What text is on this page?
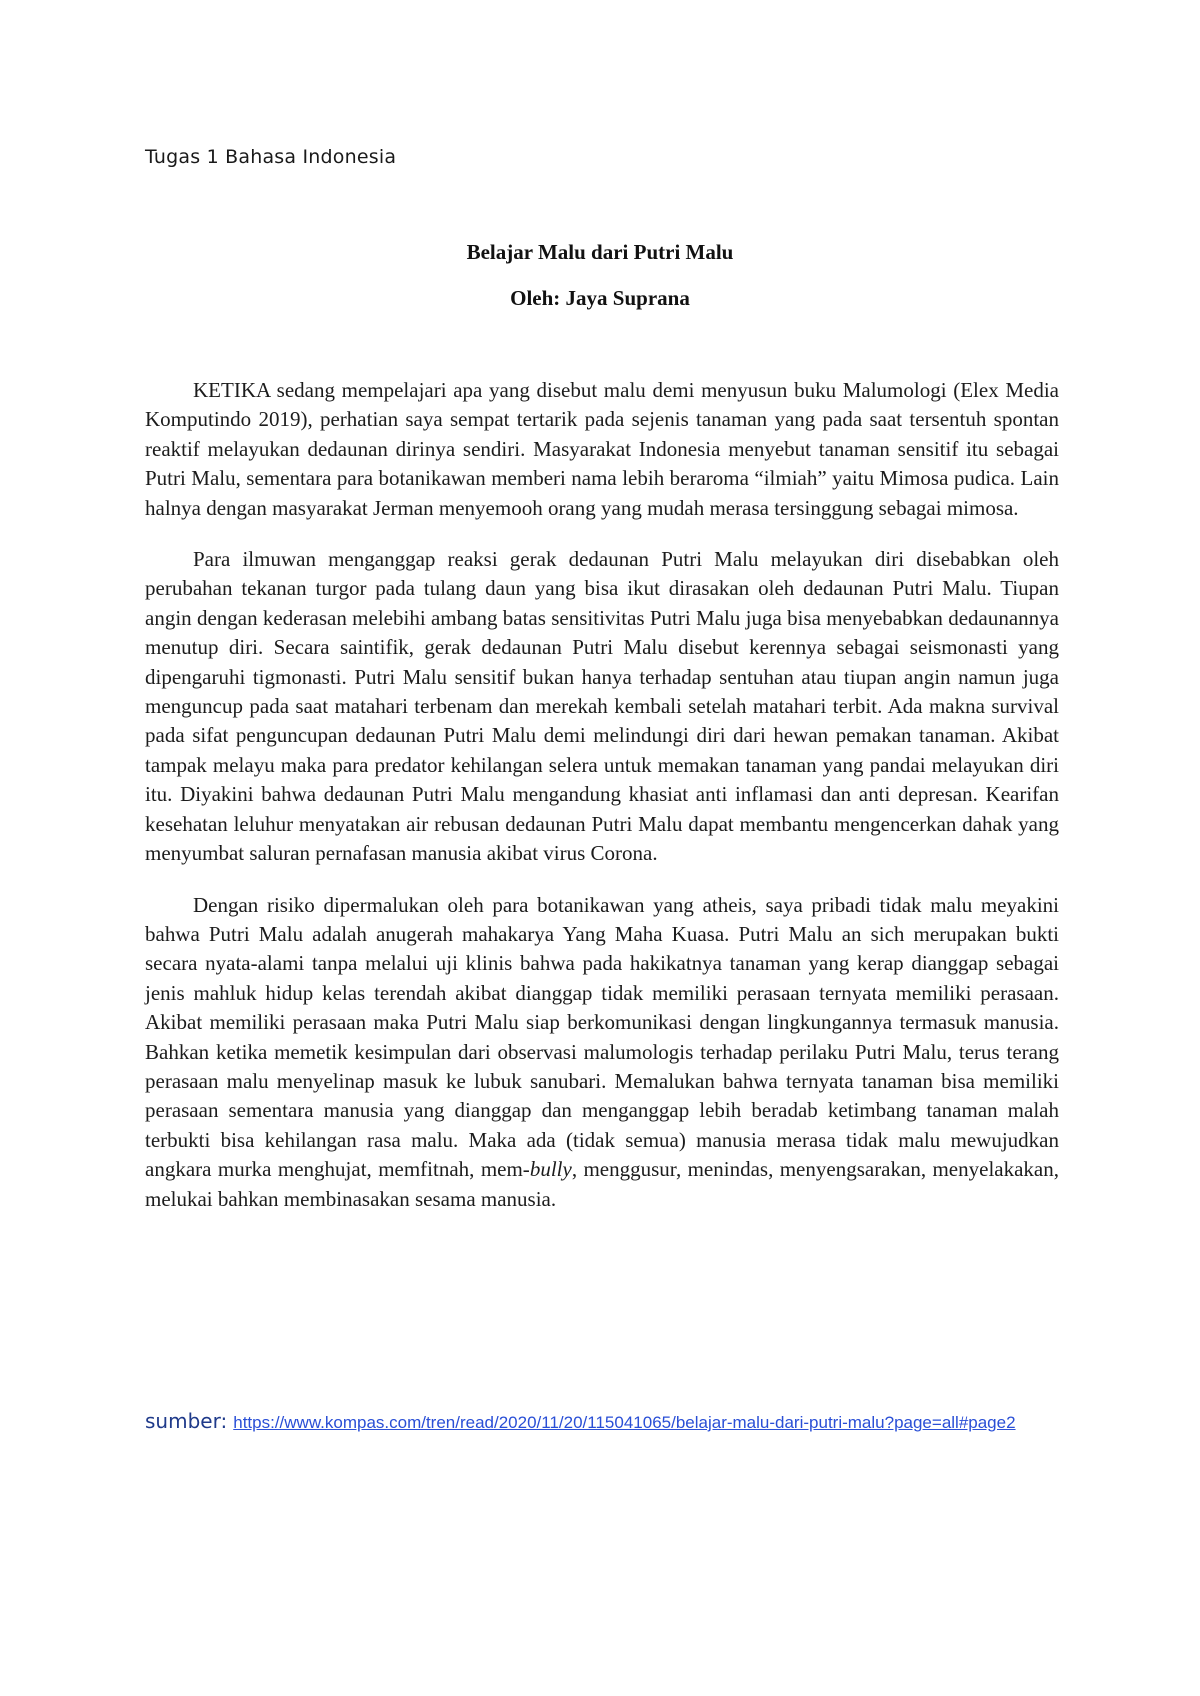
Tugas 1 Bahasa Indonesia
Belajar Malu dari Putri Malu
Oleh: Jaya Suprana

KETIKA sedang mempelajari apa yang disebut malu demi menyusun buku Malumologi (Elex Media Komputindo 2019), perhatian saya sempat tertarik pada sejenis tanaman yang pada saat tersentuh spontan reaktif melayukan dedaunan dirinya sendiri. Masyarakat Indonesia menyebut tanaman sensitif itu sebagai Putri Malu, sementara para botanikawan memberi nama lebih beraroma “ilmiah” yaitu Mimosa pudica. Lain halnya dengan masyarakat Jerman menyemooh orang yang mudah merasa tersinggung sebagai mimosa.

Para ilmuwan menganggap reaksi gerak dedaunan Putri Malu melayukan diri disebabkan oleh perubahan tekanan turgor pada tulang daun yang bisa ikut dirasakan oleh dedaunan Putri Malu. Tiupan angin dengan kederasan melebihi ambang batas sensitivitas Putri Malu juga bisa menyebabkan dedaunannya menutup diri. Secara saintifik, gerak dedaunan Putri Malu disebut kerennya sebagai seismonasti yang dipengaruhi tigmonasti. Putri Malu sensitif bukan hanya terhadap sentuhan atau tiupan angin namun juga menguncup pada saat matahari terbenam dan merekah kembali setelah matahari terbit. Ada makna survival pada sifat penguncupan dedaunan Putri Malu demi melindungi diri dari hewan pemakan tanaman. Akibat tampak melayu maka para predator kehilangan selera untuk memakan tanaman yang pandai melayukan diri itu. Diyakini bahwa dedaunan Putri Malu mengandung khasiat anti inflamasi dan anti depresan. Kearifan kesehatan leluhur menyatakan air rebusan dedaunan Putri Malu dapat membantu mengencerkan dahak yang menyumbat saluran pernafasan manusia akibat virus Corona.

Dengan risiko dipermalukan oleh para botanikawan yang atheis, saya pribadi tidak malu meyakini bahwa Putri Malu adalah anugerah mahakarya Yang Maha Kuasa. Putri Malu an sich merupakan bukti secara nyata-alami tanpa melalui uji klinis bahwa pada hakikatnya tanaman yang kerap dianggap sebagai jenis mahluk hidup kelas terendah akibat dianggap tidak memiliki perasaan ternyata memiliki perasaan. Akibat memiliki perasaan maka Putri Malu siap berkomunikasi dengan lingkungannya termasuk manusia. Bahkan ketika memetik kesimpulan dari observasi malumologis terhadap perilaku Putri Malu, terus terang perasaan malu menyelinap masuk ke lubuk sanubari. Memalukan bahwa ternyata tanaman bisa memiliki perasaan sementara manusia yang dianggap dan menganggap lebih beradab ketimbang tanaman malah terbukti bisa kehilangan rasa malu. Maka ada (tidak semua) manusia merasa tidak malu mewujudkan angkara murka menghujat, memfitnah, mem-bully, menggusur, menindas, menyengsarakan, menyelakakan, melukai bahkan membinasakan sesama manusia.

sumber: https://www.kompas.com/tren/read/2020/11/20/115041065/belajar-malu-dari-putri-malu?page=all#page2
